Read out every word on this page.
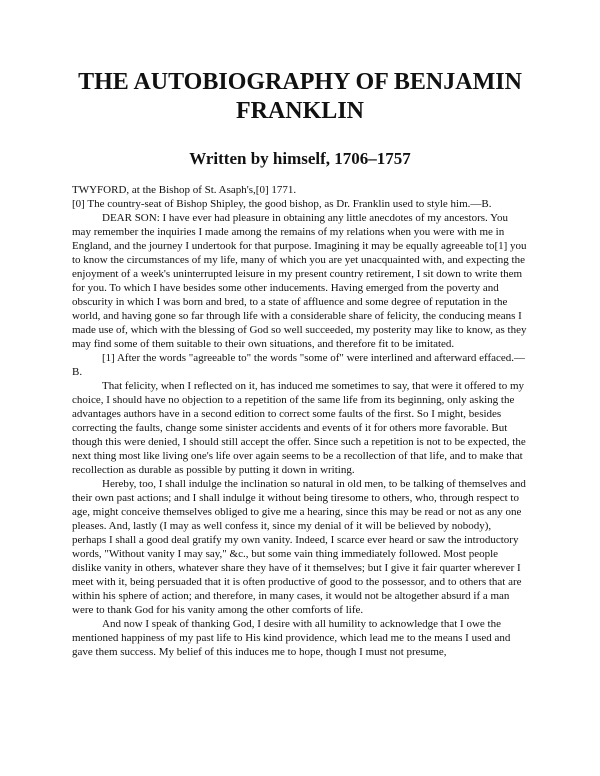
THE AUTOBIOGRAPHY OF BENJAMIN FRANKLIN
Written by himself, 1706–1757

TWYFORD, at the Bishop of St. Asaph's,[0] 1771.

[0] The country-seat of Bishop Shipley, the good bishop, as Dr. Franklin used to style him.—B.

DEAR SON: I have ever had pleasure in obtaining any little anecdotes of my ancestors. You may remember the inquiries I made among the remains of my relations when you were with me in England, and the journey I undertook for that purpose. Imagining it may be equally agreeable to[1] you to know the circumstances of my life, many of which you are yet unacquainted with, and expecting the enjoyment of a week's uninterrupted leisure in my present country retirement, I sit down to write them for you. To which I have besides some other inducements. Having emerged from the poverty and obscurity in which I was born and bred, to a state of affluence and some degree of reputation in the world, and having gone so far through life with a considerable share of felicity, the conducing means I made use of, which with the blessing of God so well succeeded, my posterity may like to know, as they may find some of them suitable to their own situations, and therefore fit to be imitated.

[1] After the words "agreeable to" the words "some of" were interlined and afterward effaced.—B.

That felicity, when I reflected on it, has induced me sometimes to say, that were it offered to my choice, I should have no objection to a repetition of the same life from its beginning, only asking the advantages authors have in a second edition to correct some faults of the first. So I might, besides correcting the faults, change some sinister accidents and events of it for others more favorable. But though this were denied, I should still accept the offer. Since such a repetition is not to be expected, the next thing most like living one's life over again seems to be a recollection of that life, and to make that recollection as durable as possible by putting it down in writing.

Hereby, too, I shall indulge the inclination so natural in old men, to be talking of themselves and their own past actions; and I shall indulge it without being tiresome to others, who, through respect to age, might conceive themselves obliged to give me a hearing, since this may be read or not as any one pleases. And, lastly (I may as well confess it, since my denial of it will be believed by nobody), perhaps I shall a good deal gratify my own vanity. Indeed, I scarce ever heard or saw the introductory words, "Without vanity I may say," &c., but some vain thing immediately followed. Most people dislike vanity in others, whatever share they have of it themselves; but I give it fair quarter wherever I meet with it, being persuaded that it is often productive of good to the possessor, and to others that are within his sphere of action; and therefore, in many cases, it would not be altogether absurd if a man were to thank God for his vanity among the other comforts of life.

And now I speak of thanking God, I desire with all humility to acknowledge that I owe the mentioned happiness of my past life to His kind providence, which lead me to the means I used and gave them success. My belief of this induces me to hope, though I must not presume,
